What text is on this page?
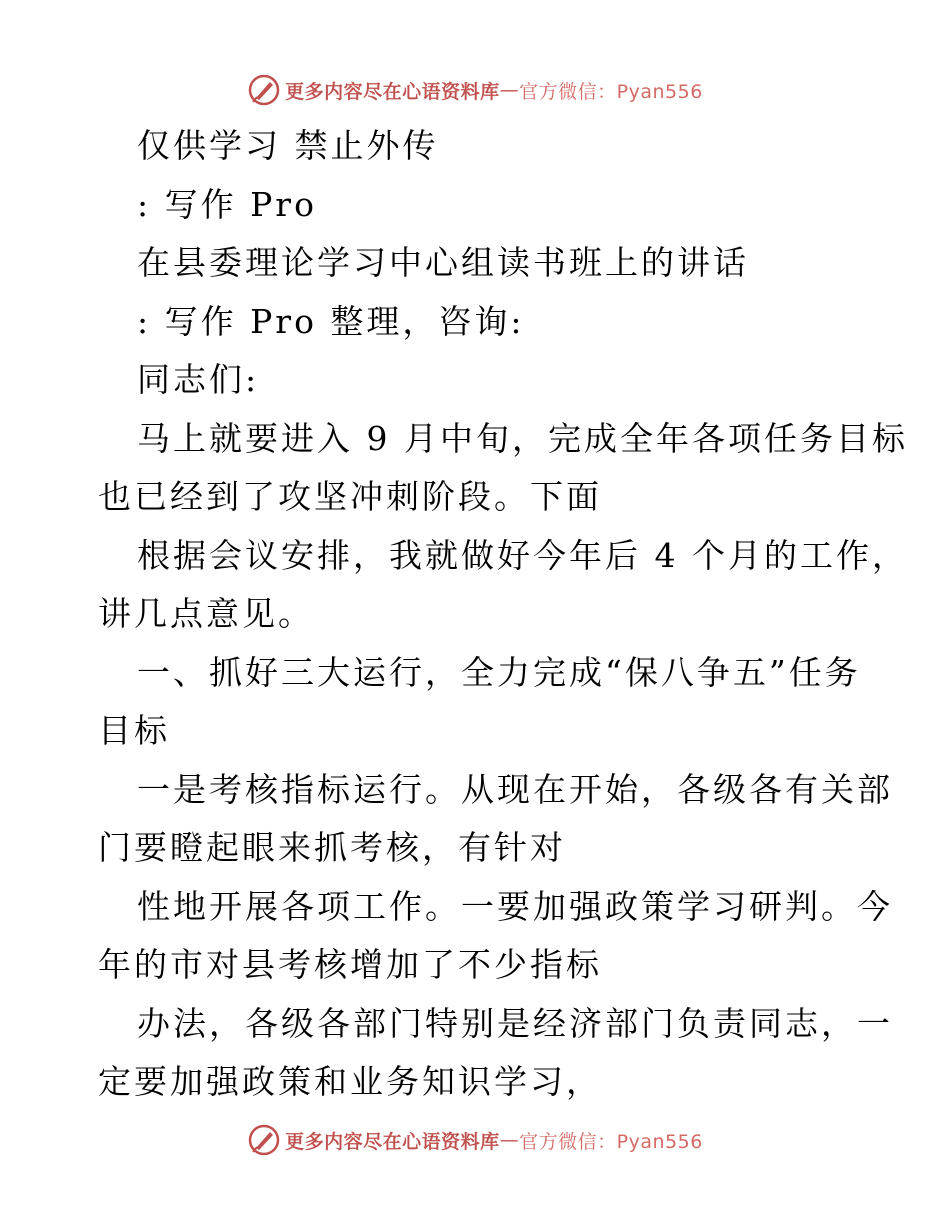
更多内容尽在心语资料库 — 官方微信：Pyan556
仅供学习 禁止外传
: 写作 Pro
在县委理论学习中心组读书班上的讲话
: 写作 Pro 整理，咨询:
同志们:
马上就要进入 9 月中旬，完成全年各项任务目标
也已经到了攻坚冲刺阶段。下面
根据会议安排，我就做好今年后 4 个月的工作，
讲几点意见。
一、抓好三大运行，全力完成“保八争五”任务
目标
一是考核指标运行。从现在开始，各级各有关部
门要瞪起眼来抓考核，有针对
性地开展各项工作。一要加强政策学习研判。今
年的市对县考核增加了不少指标
办法，各级各部门特别是经济部门负责同志，一
定要加强政策和业务知识学习，
更多内容尽在心语资料库 — 官方微信：Pyan556
